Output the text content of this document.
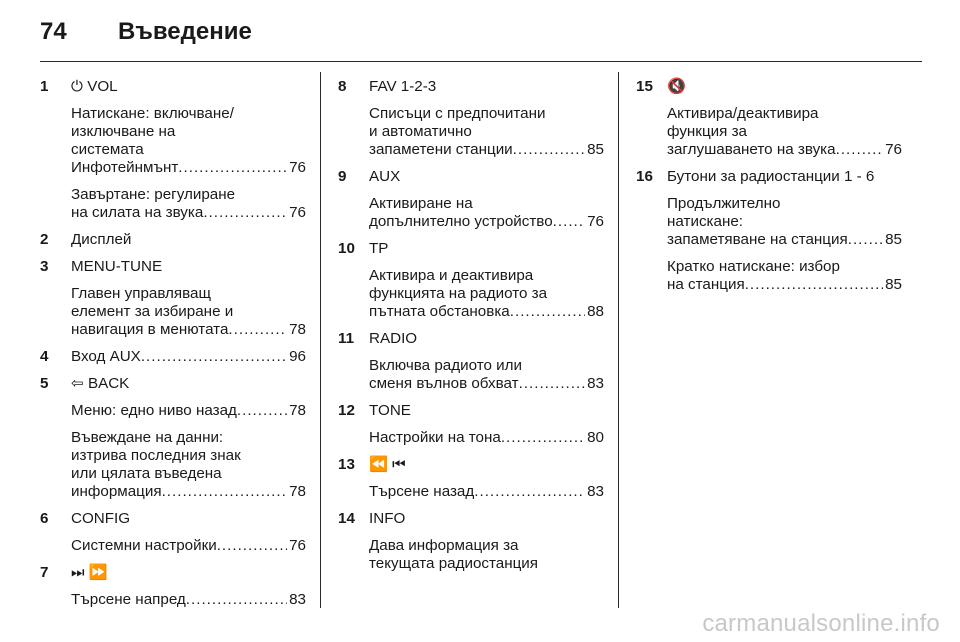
74 Въведение
1	⏻ VOL
Натискане: включване/
изключване на
системата
Инфотейнмънт .....	76
Завъртане: регулиране
на силата на звука .....	76
2	Дисплей
3	MENU-TUNE
Главен управляващ
елемент за избиране и
навигация в менютата .....	78
4	Вход AUX .....	96
5	⇦ BACK
Меню: едно ниво назад .....	78
Въвеждане на данни:
изтрива последния знак
или цялата въведена
информация .....	78
6	CONFIG
Системни настройки .....	76
7	⏭ ⏩
Търсене напред .....	83
8	FAV 1-2-3
Списъци с предпочитани
и автоматично
запаметени станции .....	85
9	AUX
Активиране на
допълнително устройство ..... 76
10 TP
Активира и деактивира
функцията на радиото за
пътната обстановка .....	88
11 RADIO
Включва радиото или
сменя вълнов обхват .....	83
12 TONE
Настройки на тона .....	80
13 ⏪ ⏮
Търсене назад .....	83
14 INFO
Дава информация за
текущата радиостанция
15 🔇
Активира/деактивира
функция за
заглушаването на звука .....	76
16 Бутони за радиостанции 1 - 6
Продължително
натискане:
запаметяване на станция ..... 85
Кратко натискане: избор
на станция .....	85
carmanualsonline.info
